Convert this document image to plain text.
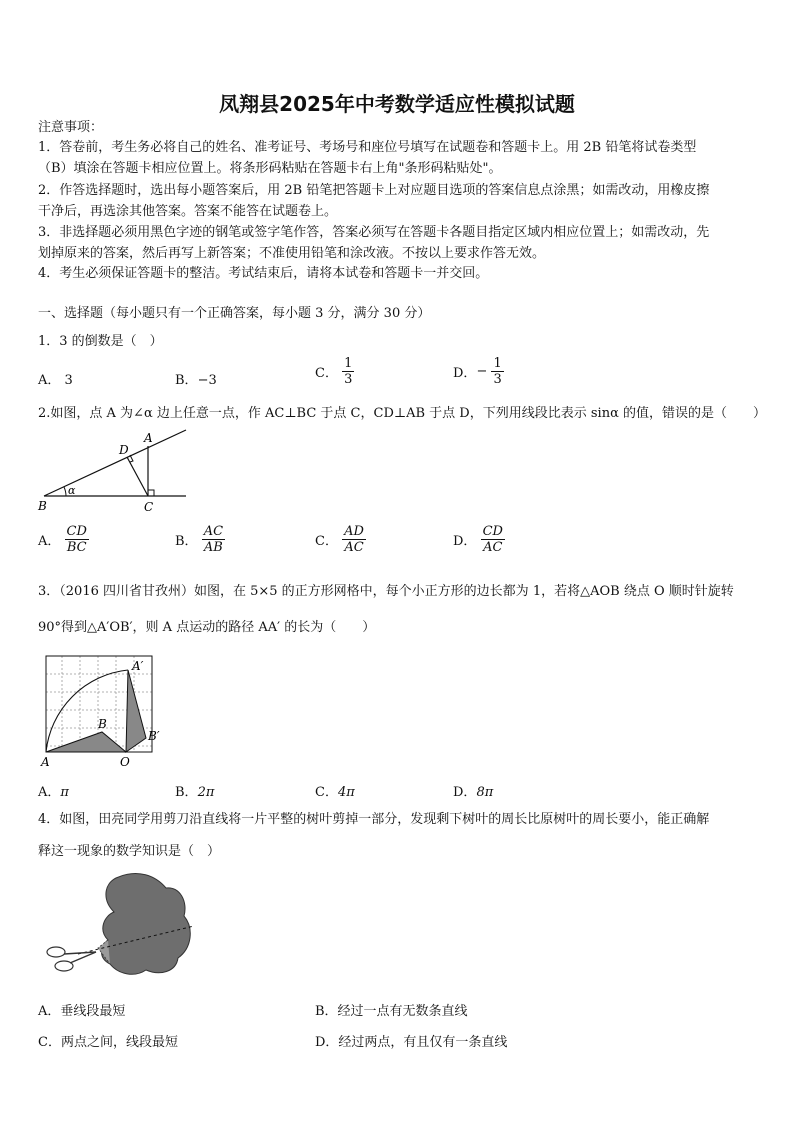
凤翔县2025年中考数学适应性模拟试题
注意事项：
1．答卷前，考生务必将自己的姓名、准考证号、考场号和座位号填写在试题卷和答题卡上。用 2B 铅笔将试卷类型
（B）填涂在答题卡相应位置上。将条形码粘贴在答题卡右上角"条形码粘贴处"。
2．作答选择题时，选出每小题答案后，用 2B 铅笔把答题卡上对应题目选项的答案信息点涂黑；如需改动，用橡皮擦
干净后，再选涂其他答案。答案不能答在试题卷上。
3．非选择题必须用黑色字迹的钢笔或签字笔作答，答案必须写在答题卡各题目指定区域内相应位置上；如需改动，先
划掉原来的答案，然后再写上新答案；不准使用铅笔和涂改液。不按以上要求作答无效。
4．考生必须保证答题卡的整洁。考试结束后，请将本试卷和答题卡一并交回。
一、选择题（每小题只有一个正确答案，每小题 3 分，满分 30 分）
1．3 的倒数是（　）
A． 3	B．−3	C． $\frac{1}{3}$	D．− $\frac{1}{3}$
2.如图，点 A 为∠α 边上任意一点，作 AC⊥BC 于点 C，CD⊥AB 于点 D，下列用线段比表示 sinα 的值，错误的是（　　）
A
D
B	C
α
A． $\frac{CD}{BC}$	B． $\frac{AC}{AB}$	C． $\frac{AD}{AC}$	D． $\frac{CD}{AC}$
3．（2016 四川省甘孜州）如图，在 5×5 的正方形网格中，每个小正方形的边长都为 1，若将△AOB 绕点 O 顺时针旋转
90°得到△A′OB′，则 A 点运动的路径 AA′ 的长为（　　）
A	O
B
A′
B′
A．π	B．2π	C．4π	D．8π
4．如图，田亮同学用剪刀沿直线将一片平整的树叶剪掉一部分，发现剩下树叶的周长比原树叶的周长要小，能正确解
释这一现象的数学知识是（　）
A．垂线段最短	B．经过一点有无数条直线
C．两点之间，线段最短	D．经过两点，有且仅有一条直线
